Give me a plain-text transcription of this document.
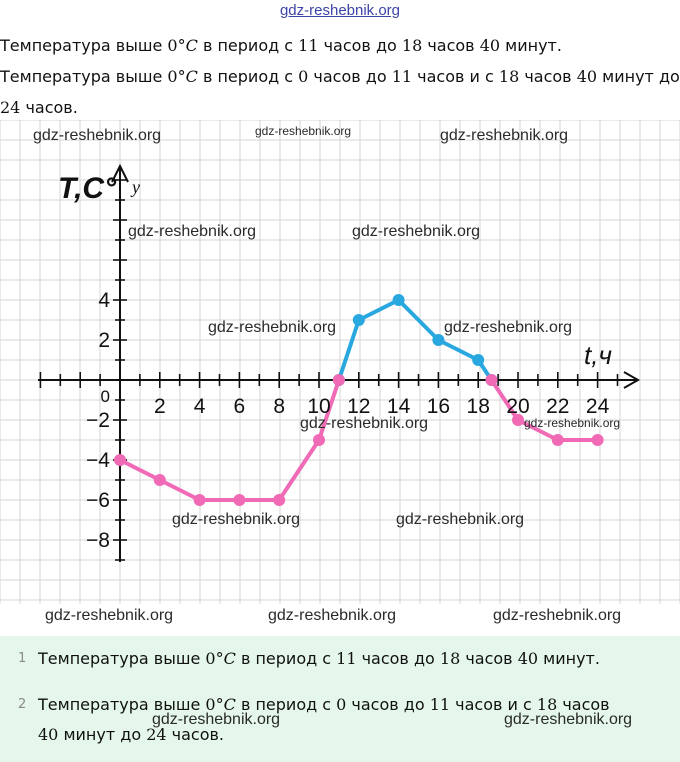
gdz-reshebnik.org

Температура выше 0°C в период с 11 часов до 18 часов 40 минут.

Температура выше 0°C в период с 0 часов до 11 часов и с 18 часов 40 минут до 24 часов.

2 4 6 8 10 12 14 16 18 20 22 24
4
2
−2
−4
−6
−8
0
T,C° y
t,ч
gdz-reshebnik.org	gdz-reshebnik.org	gdz-reshebnik.org
gdz-reshebnik.org	gdz-reshebnik.org
gdz-reshebnik.org	gdz-reshebnik.org
gdz-reshebnik.org	gdz-reshebnik.org
gdz-reshebnik.org	gdz-reshebnik.org
gdz-reshebnik.org	gdz-reshebnik.org	gdz-reshebnik.org
1 Температура выше 0°C в период с 11 часов до 18 часов 40 минут.
2 Температура выше 0°C в период с 0 часов до 11 часов и с 18 часов
40 минут до 24 часов.
gdz-reshebnik.org	gdz-reshebnik.org
